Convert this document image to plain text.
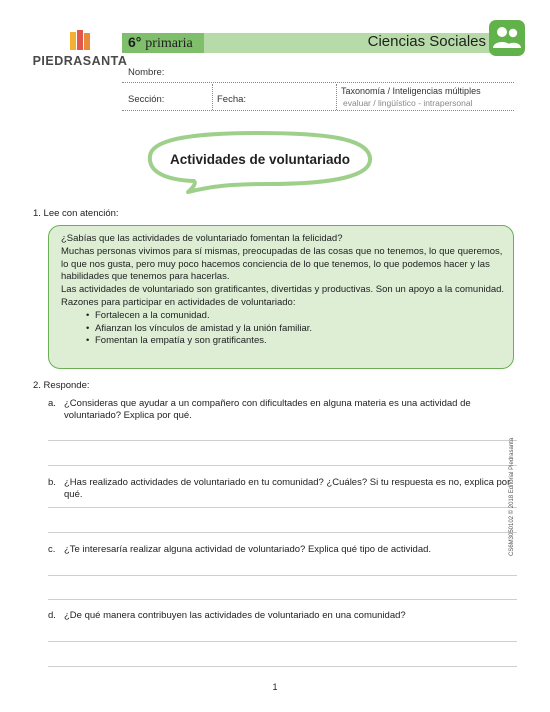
PIEDRASANTA
6° primaria	Ciencias Sociales
Nombre:
Sección:	Fecha:
Taxonomía / Inteligencias múltiples
evaluar / lingüístico - intrapersonal
Actividades de voluntariado
1. Lee con atención:

¿Sabías que las actividades de voluntariado fomentan la felicidad?

Muchas personas vivimos para sí mismas, preocupadas de las cosas que no tenemos, lo que queremos, lo que nos gusta, pero muy poco hacemos conciencia de lo que tenemos, lo que podemos hacer y las habilidades que tenemos para hacerlas.

Las actividades de voluntariado son gratificantes, divertidas y productivas. Son un apoyo a la comunidad.

Razones para participar en actividades de voluntariado:

• Fortalecen a la comunidad.
• Afianzan los vínculos de amistad y la unión familiar.
• Fomentan la empatía y son gratificantes.
2. Responde:
a. ¿Consideras que ayudar a un compañero con dificultades en alguna materia es una actividad de voluntariado? Explica por qué.
b. ¿Has realizado actividades de voluntariado en tu comunidad? ¿Cuáles? Si tu respuesta es no, explica por qué.
c. ¿Te interesaría realizar alguna actividad de voluntariado? Explica qué tipo de actividad.
d. ¿De qué manera contribuyen las actividades de voluntariado en una comunidad?
CS6M3050102 © 2018 Editorial Piedrasanta
1
